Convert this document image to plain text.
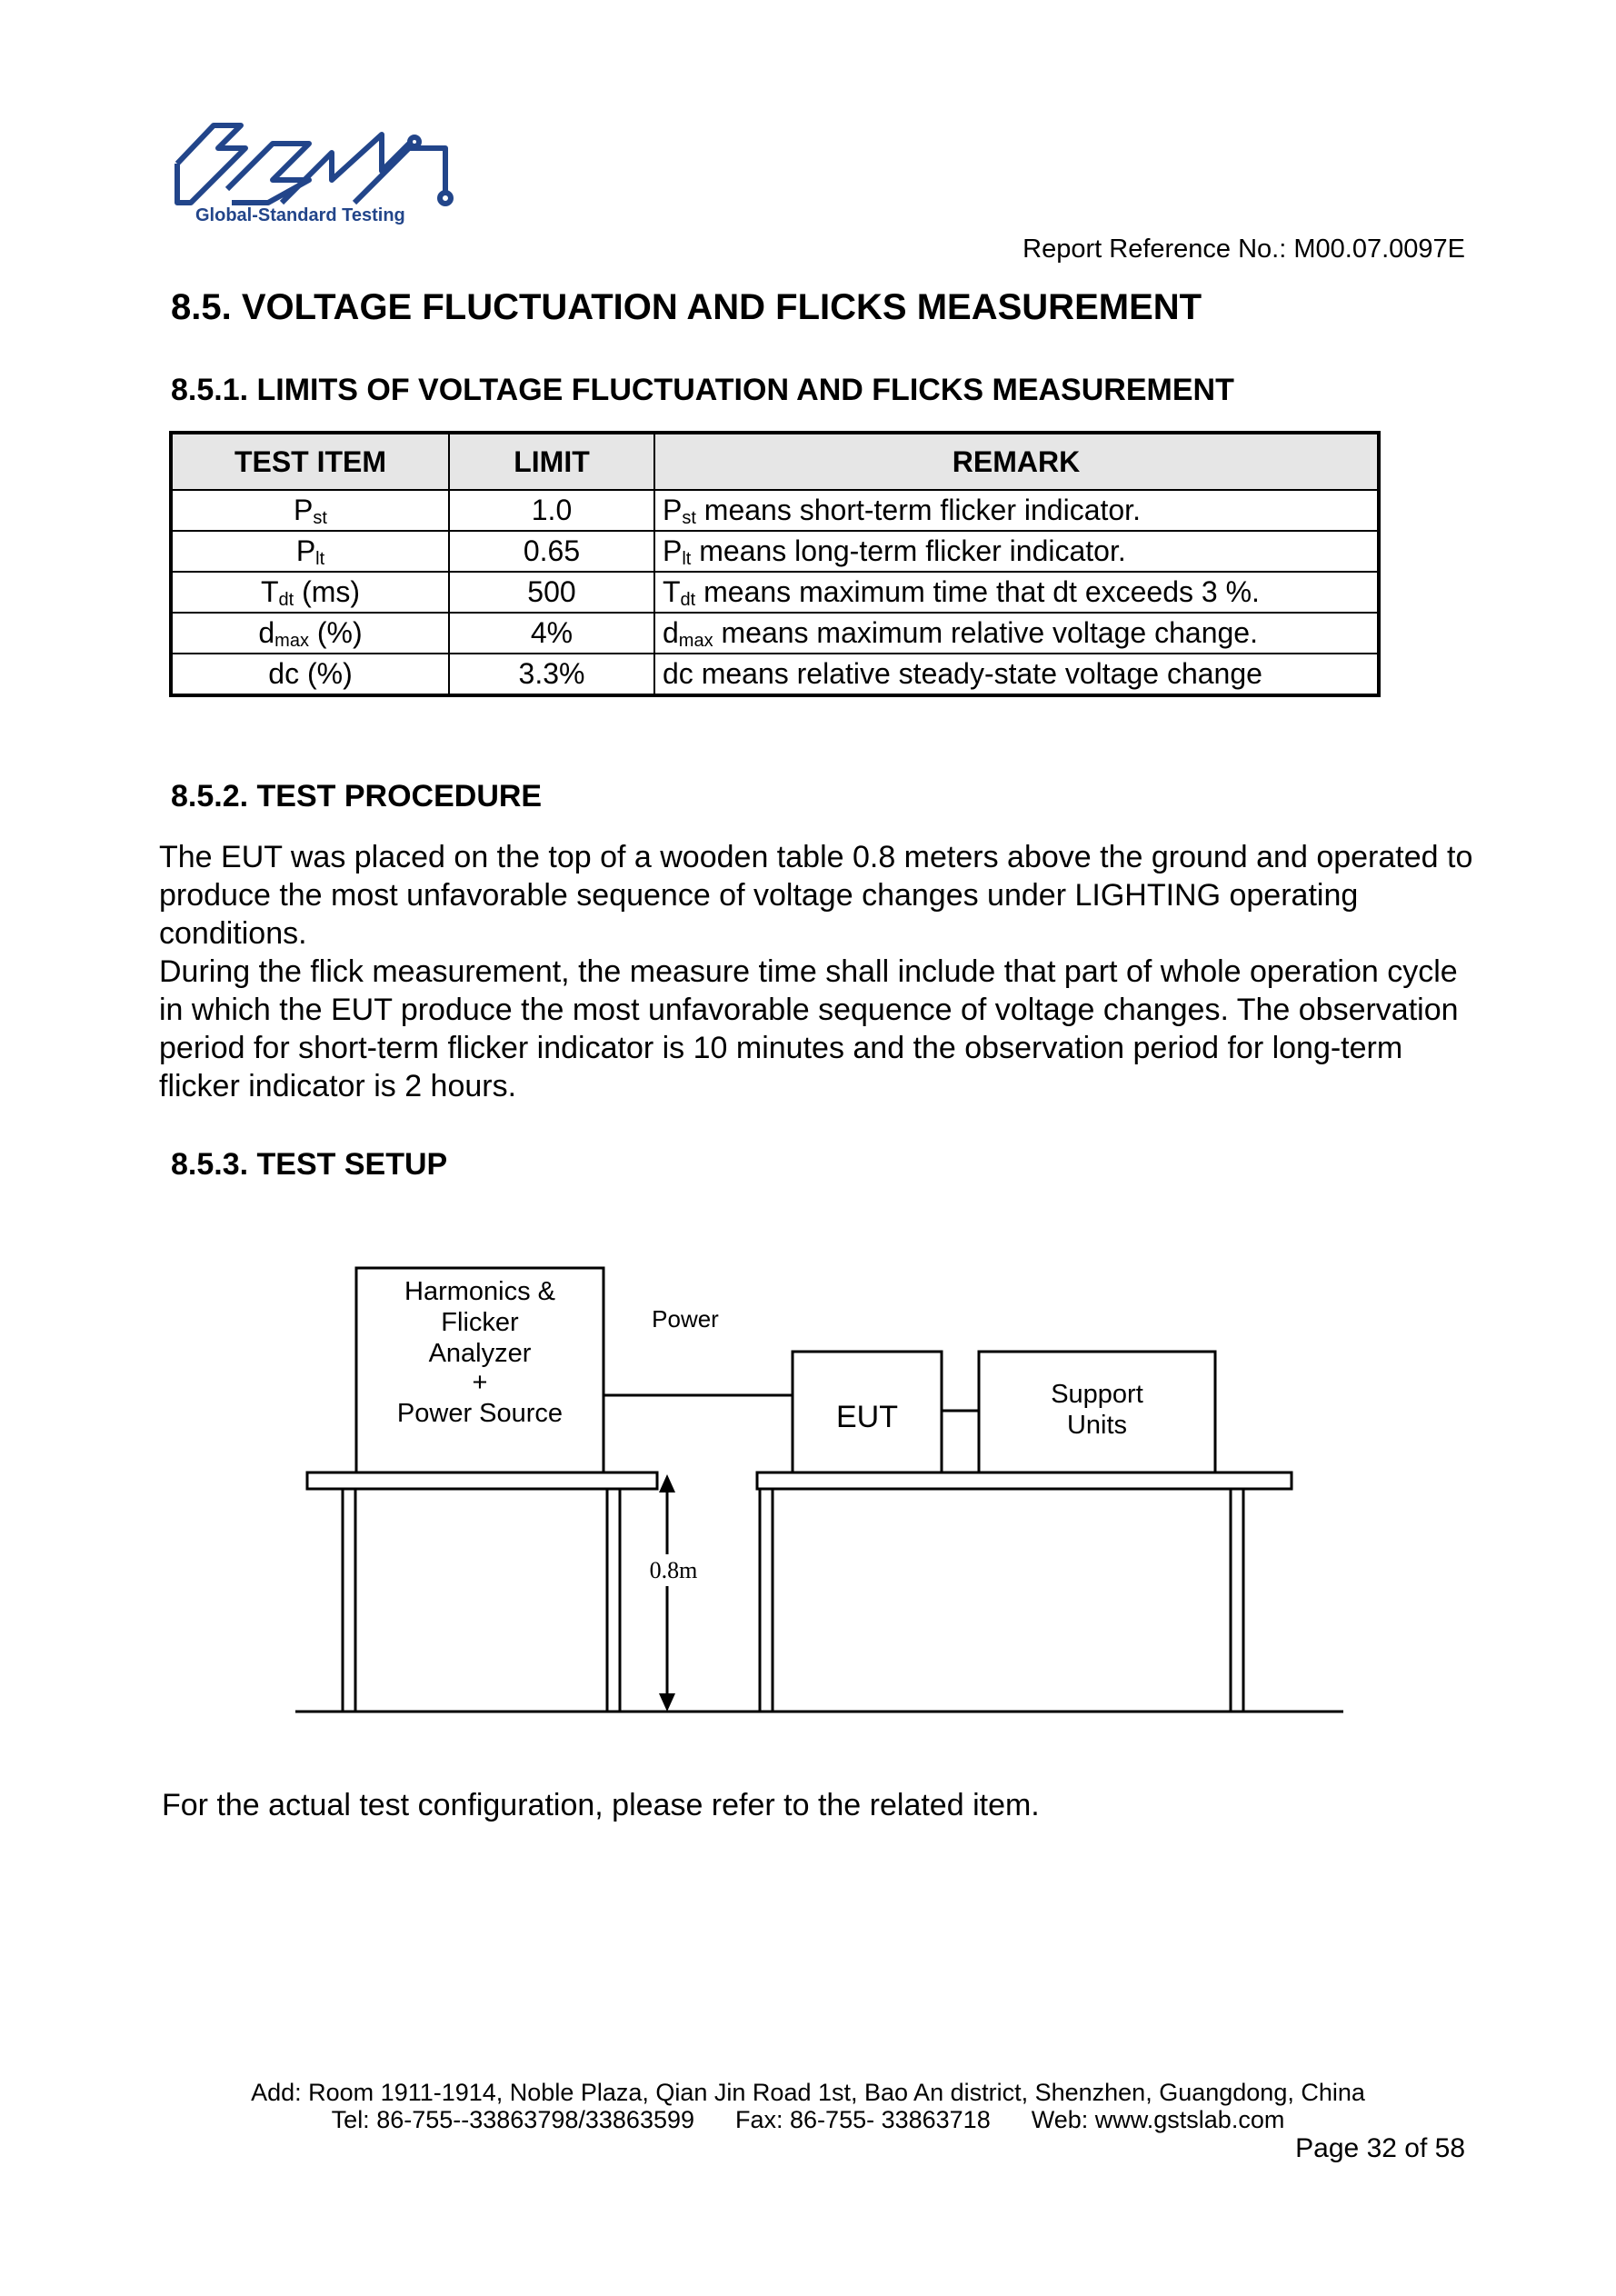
Global-Standard Testing
Report Reference No.: M00.07.0097E
8.5. VOLTAGE FLUCTUATION AND FLICKS MEASUREMENT
8.5.1. LIMITS OF VOLTAGE FLUCTUATION AND FLICKS MEASUREMENT
TEST ITEM	LIMIT	REMARK
$P_{st}$	1.0	$P_{st}$ means short-term flicker indicator.
$P_{lt}$	0.65	$P_{lt}$ means long-term flicker indicator.
$T_{dt}$ (ms)	500	$T_{dt}$ means maximum time that dt exceeds 3 %.
$d_{max}$ (%)	4%	$d_{max}$ means maximum relative voltage change.
dc (%)	3.3%	dc means relative steady-state voltage change
8.5.2. TEST PROCEDURE

The EUT was placed on the top of a wooden table 0.8 meters above the ground and operated to produce the most unfavorable sequence of voltage changes under LIGHTING operating conditions.

During the flick measurement, the measure time shall include that part of whole operation cycle in which the EUT produce the most unfavorable sequence of voltage changes. The observation period for short-term flicker indicator is 10 minutes and the observation period for long-term flicker indicator is 2 hours.

8.5.3. TEST SETUP
Harmonics &
Flicker
Analyzer
+
Power Source
Power
EUT
Support
Units
0.8m
For the actual test configuration, please refer to the related item.
Add: Room 1911-1914, Noble Plaza, Qian Jin Road 1st, Bao An district, Shenzhen, Guangdong, China
Tel: 86-755--33863798/33863599      Fax: 86-755- 33863718      Web: www.gstslab.com
Page 32 of 58
